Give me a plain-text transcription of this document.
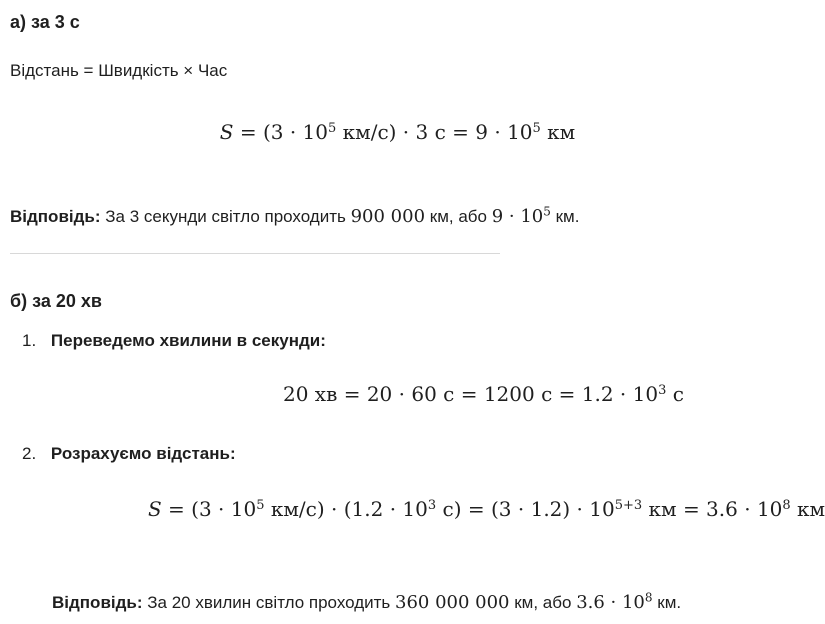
а) за 3 с
Відстань = Швидкість × Час
$S = (3 \cdot 10^5$ км/с) · 3 $с = 9 \cdot 10^5$ км
Відповідь: За 3 секунди світло проходить 900 000 км, або $9 \cdot 10^5$ км.
б) за 20 хв
1. Переведемо хвилини в секунди:
20 хв = 20 · 60 с = 1200 $с = 1.2 \cdot 10^3$ с
2. Розрахуємо відстань:
$S = (3 \cdot 10^5$ $км/с) \cdot (1.2 \cdot 10^3$ $с) = (3 \cdot 1.2) \cdot 10^{5+3}$ км = $3.6 \cdot 10^8$ км
Відповідь: За 20 хвилин світло проходить 360 000 000 км, або $3.6 \cdot 10^8$ км.
